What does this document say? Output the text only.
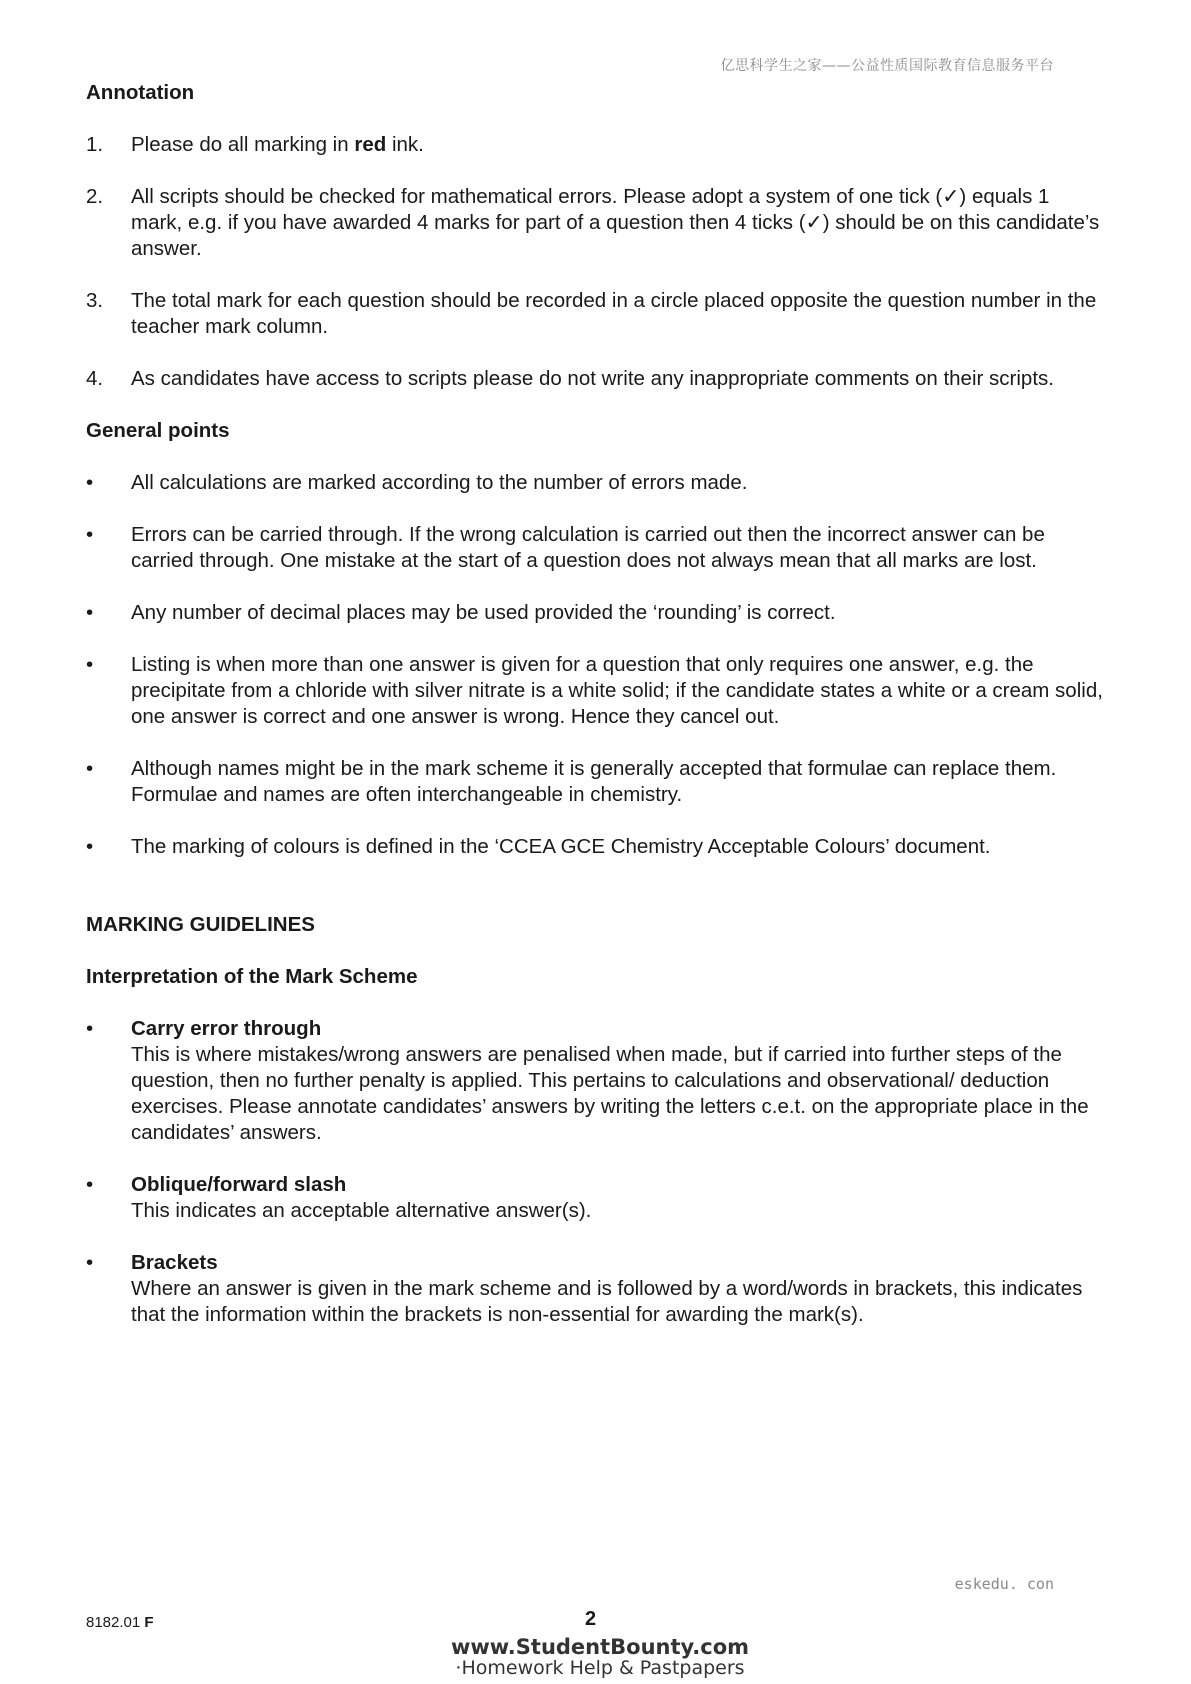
亿思科学生之家——公益性质国际教育信息服务平台
Annotation
1.	Please do all marking in red ink.
2.	All scripts should be checked for mathematical errors. Please adopt a system of one tick (✓) equals 1 mark, e.g. if you have awarded 4 marks for part of a question then 4 ticks (✓) should be on this candidate’s answer.
3.	The total mark for each question should be recorded in a circle placed opposite the question number in the teacher mark column.
4.	As candidates have access to scripts please do not write any inappropriate comments on their scripts.
General points
•	All calculations are marked according to the number of errors made.
•	Errors can be carried through. If the wrong calculation is carried out then the incorrect answer can be carried through. One mistake at the start of a question does not always mean that all marks are lost.
•	Any number of decimal places may be used provided the ‘rounding’ is correct.
•	Listing is when more than one answer is given for a question that only requires one answer, e.g. the precipitate from a chloride with silver nitrate is a white solid; if the candidate states a white or a cream solid, one answer is correct and one answer is wrong. Hence they cancel out.
•	Although names might be in the mark scheme it is generally accepted that formulae can replace them. Formulae and names are often interchangeable in chemistry.
•	The marking of colours is defined in the ‘CCEA GCE Chemistry Acceptable Colours’ document.
MARKING GUIDELINES
Interpretation of the Mark Scheme
•	Carry error through
This is where mistakes/wrong answers are penalised when made, but if carried into further steps of the question, then no further penalty is applied. This pertains to calculations and observational/ deduction exercises. Please annotate candidates’ answers by writing the letters c.e.t. on the appropriate place in the candidates’ answers.
•	Oblique/forward slash
This indicates an acceptable alternative answer(s).
•	Brackets
Where an answer is given in the mark scheme and is followed by a word/words in brackets, this indicates that the information within the brackets is non-essential for awarding the mark(s).
eskedu. con
8182.01 F	2
www.StudentBounty.com
·Homework Help & Pastpapers
